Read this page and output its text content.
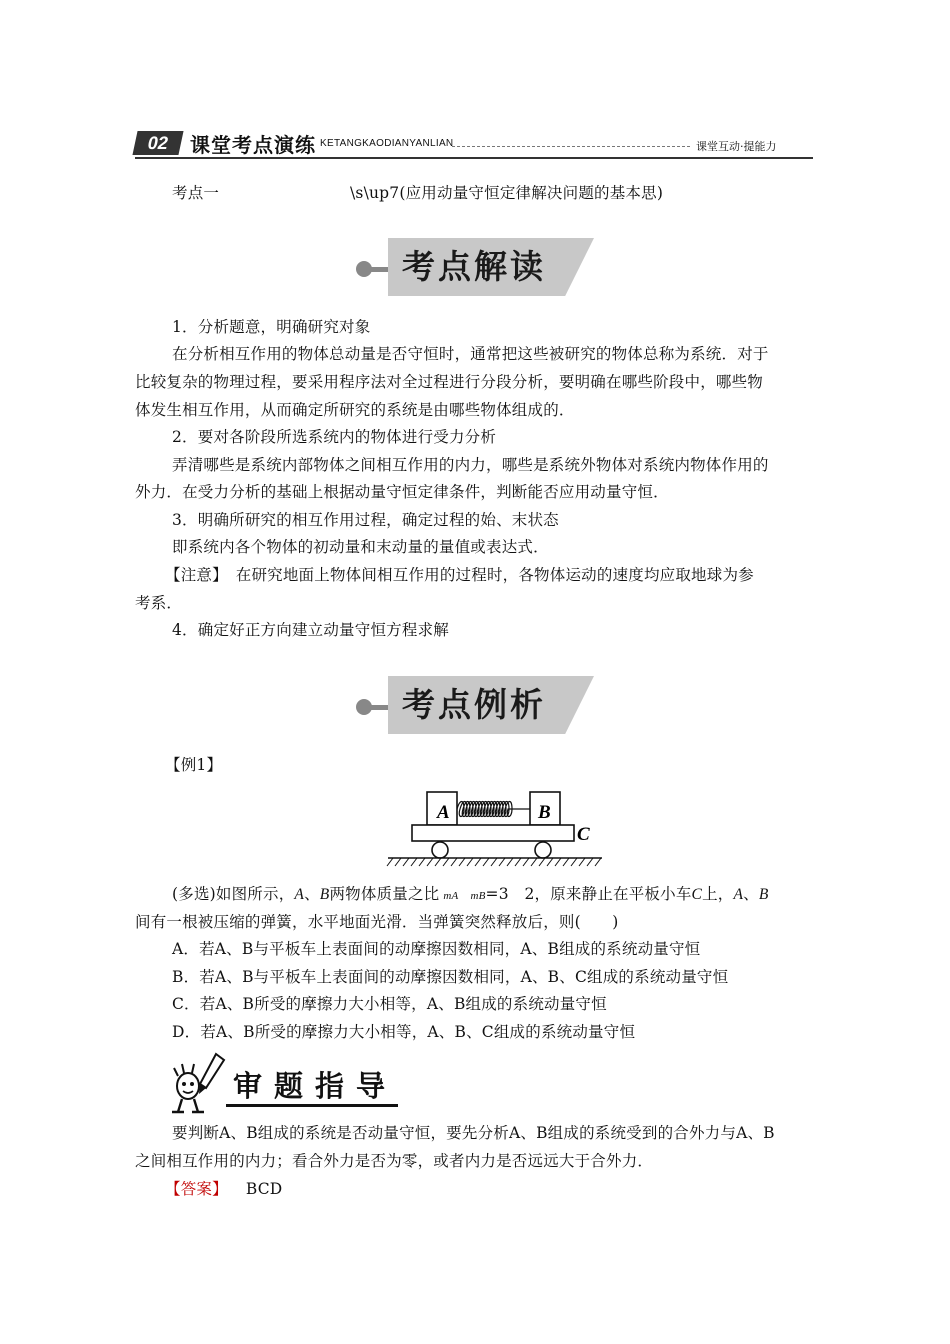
02 课堂考点演练 KETANGKAODIANYANLIAN	课堂互动·提能力
考点一	\s\up7(应用动量守恒定律解决问题的基本思)
考点解读
1．分析题意，明确研究对象
在分析相互作用的物体总动量是否守恒时，通常把这些被研究的物体总称为系统．对于
比较复杂的物理过程，要采用程序法对全过程进行分段分析，要明确在哪些阶段中，哪些物
体发生相互作用，从而确定所研究的系统是由哪些物体组成的．
2．要对各阶段所选系统内的物体进行受力分析
弄清哪些是系统内部物体之间相互作用的内力，哪些是系统外物体对系统内物体作用的
外力．在受力分析的基础上根据动量守恒定律条件，判断能否应用动量守恒．
3．明确所研究的相互作用过程，确定过程的始、末状态
即系统内各个物体的初动量和末动量的量值或表达式．
【注意】　在研究地面上物体间相互作用的过程时，各物体运动的速度均应取地球为参
考系．
4．确定好正方向建立动量守恒方程求解
考点例析
【例1】
A	B
C
(多选)如图所示，A、B两物体质量之比 mA mB=3　2，原来静止在平板小车C上，A、B
间有一根被压缩的弹簧，水平地面光滑．当弹簧突然释放后，则(　　)
A．若A、B与平板车上表面间的动摩擦因数相同，A、B组成的系统动量守恒
B．若A、B与平板车上表面间的动摩擦因数相同，A、B、C组成的系统动量守恒
C．若A、B所受的摩擦力大小相等，A、B组成的系统动量守恒
D．若A、B所受的摩擦力大小相等，A、B、C组成的系统动量守恒
审题指导
要判断A、B组成的系统是否动量守恒，要先分析A、B组成的系统受到的合外力与A、B
之间相互作用的内力；看合外力是否为零，或者内力是否远远大于合外力．
【答案】 BCD
